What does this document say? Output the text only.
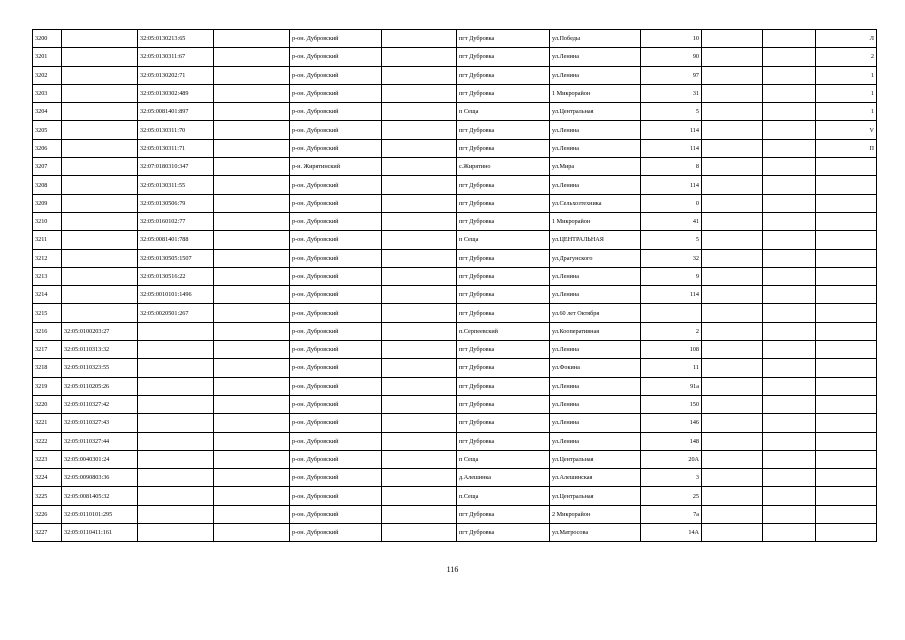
3200		32:05:0130213:65		р-он. Дубровский		пгт Дубровка	ул.Победы	10			Л
3201		32:05:0130311:67		р-он. Дубровский		пгт Дубровка	ул.Ленина	90			2
3202		32:05:0130202:71		р-он. Дубровский		пгт Дубровка	ул.Ленина	97			1
3203		32:05:0130302:489		р-он. Дубровский		пгт Дубровка	1 Микрорайон	31			1
3204		32:05:0081401:897		р-он. Дубровский		п Сеща	ул.Центральная	5			1
3205		32:05:0130311:70		р-он. Дубровский		пгт Дубровка	ул.Ленина	114			V
3206		32:05:0130311:71		р-он. Дубровский		пгт Дубровка	ул.Ленина	114			П
3207		32:07:0180310:347		р-н. Жирятинский		с.Жирятино	ул.Мира	8			
3208		32:05:0130311:55		р-он. Дубровский		пгт Дубровка	ул.Ленина	114			
3209		32:05:0130506:79		р-он. Дубровский		пгт Дубровка	ул.Сельхозтехника	0			
3210		32:05:0160102:77		р-он. Дубровский		пгт Дубровка	1 Микрорайон	41			
3211		32:05:0081401:788		р-он. Дубровский		п Сеща	ул.ЦЕНТРАЛЬНАЯ	5			
3212		32:05:0130505:1507		р-он. Дубровский		пгт Дубровка	ул.Драгунского	32			
3213		32:05:0130516:22		р-он. Дубровский		пгт Дубровка	ул.Ленина	9			
3214		32:05:0010101:1496		р-он. Дубровский		пгт Дубровка	ул.Ленина	114			
3215		32:05:0020501:267		р-он. Дубровский		пгт Дубровка	ул.60 лет Октября				
3216	32:05:0100203:27			р-он. Дубровский		п.Серпеевский	ул.Кооперативная	2			
3217	32:05:0110313:32			р-он. Дубровский		пгт Дубровка	ул.Ленина	108			
3218	32:05:0110323:55			р-он. Дубровский		пгт Дубровка	ул.Фокина	11			
3219	32:05:0110205:26			р-он. Дубровский		пгт Дубровка	ул.Ленина	91а			
3220	32:05:0110327:42			р-он. Дубровский		пгт Дубровка	ул.Ленина	150			
3221	32:05:0110327:43			р-он. Дубровский		пгт Дубровка	ул.Ленина	146			
3222	32:05:0110327:44			р-он. Дубровский		пгт Дубровка	ул.Ленина	148			
3223	32:05:0040301:24			р-он. Дубровский		п Сеща	ул.Центральная	20А			
3224	32:05:0090803:36			р-он. Дубровский		д.Алешинка	ул.Алешинская	3			
3225	32:05:0081405:32			р-он. Дубровский		п.Сеща	ул.Центральная	25			
3226	32:05:0110101:295			р-он. Дубровский		пгт Дубровка	2 Микрорайон	7а			
3227	32:05:0110411:161			р-он. Дубровский		пгт Дубровка	ул.Матросова	14А			
116
